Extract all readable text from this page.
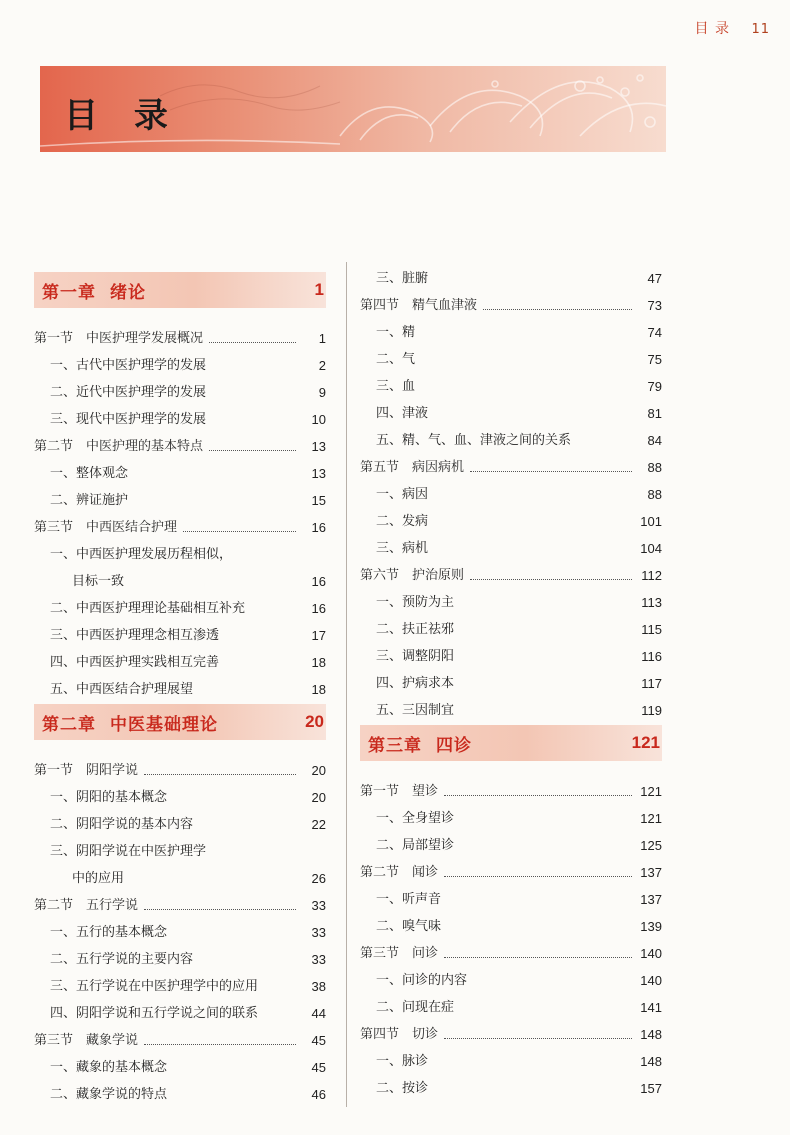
目 录 11
目 录
第一章 绪论	1
第一节　中医护理学发展概况	1
一、古代中医护理学的发展	2
二、近代中医护理学的发展	9
三、现代中医护理学的发展	10
第二节　中医护理的基本特点	13
一、整体观念	13
二、辨证施护	15
第三节　中西医结合护理	16
一、中西医护理发展历程相似，
目标一致	16
二、中西医护理理论基础相互补充	16
三、中西医护理理念相互渗透	17
四、中西医护理实践相互完善	18
五、中西医结合护理展望	18
第二章 中医基础理论	20
第一节　阴阳学说	20
一、阴阳的基本概念	20
二、阴阳学说的基本内容	22
三、阴阳学说在中医护理学
中的应用	26
第二节　五行学说	33
一、五行的基本概念	33
二、五行学说的主要内容	33
三、五行学说在中医护理学中的应用	38
四、阴阳学说和五行学说之间的联系	44
第三节　藏象学说	45
一、藏象的基本概念	45
二、藏象学说的特点	46
三、脏腑	47
第四节　精气血津液	73
一、精	74
二、气	75
三、血	79
四、津液	81
五、精、气、血、津液之间的关系	84
第五节　病因病机	88
一、病因	88
二、发病	101
三、病机	104
第六节　护治原则	112
一、预防为主	113
二、扶正祛邪	115
三、调整阴阳	116
四、护病求本	117
五、三因制宜	119
第三章 四诊	121
第一节　望诊	121
一、全身望诊	121
二、局部望诊	125
第二节　闻诊	137
一、听声音	137
二、嗅气味	139
第三节　问诊	140
一、问诊的内容	140
二、问现在症	141
第四节　切诊	148
一、脉诊	148
二、按诊	157
